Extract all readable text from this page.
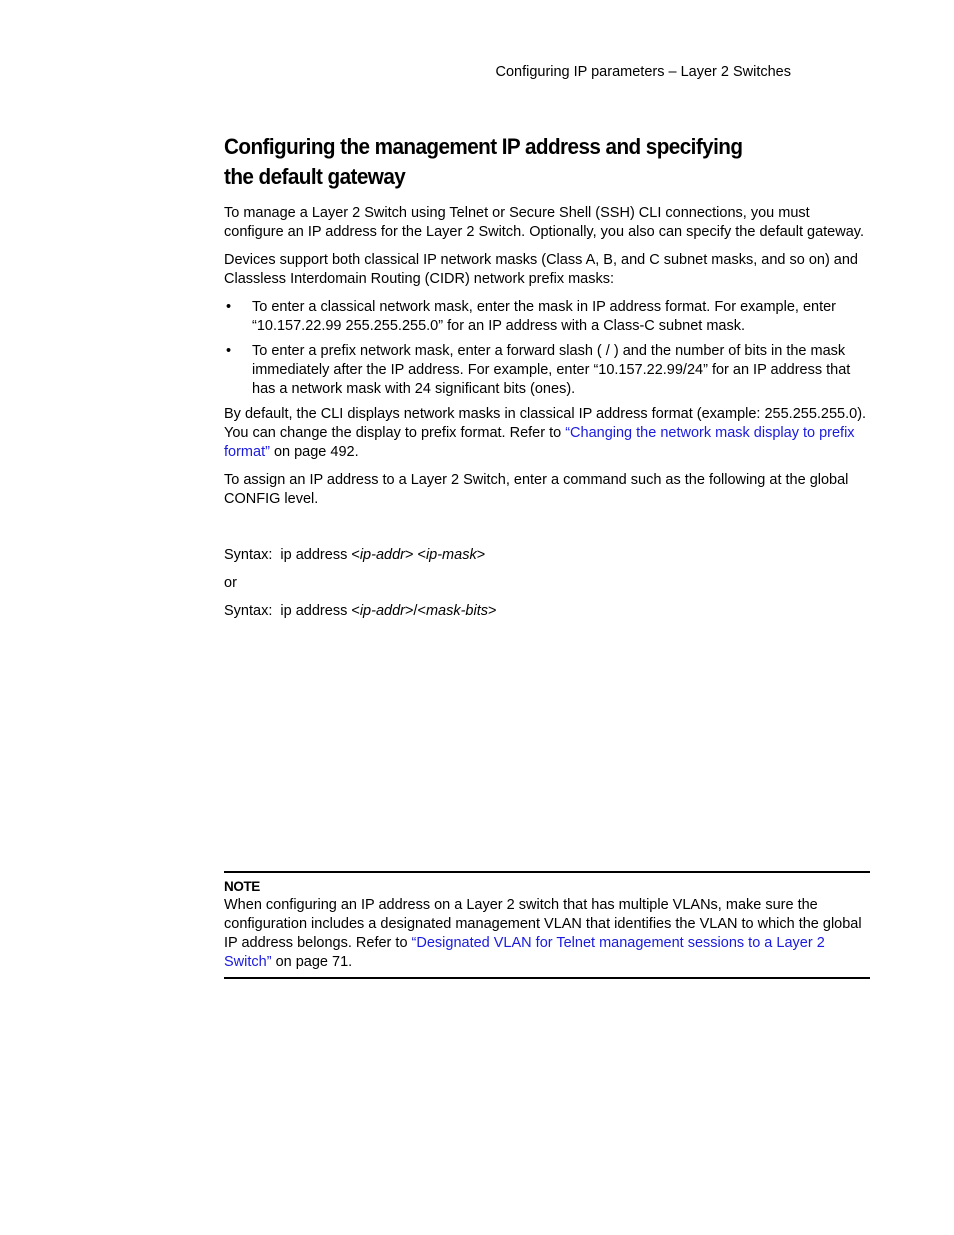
Configuring IP parameters – Layer 2 Switches
Configuring the management IP address and specifying the default gateway

To manage a Layer 2 Switch using Telnet or Secure Shell (SSH) CLI connections, you must configure an IP address for the Layer 2 Switch. Optionally, you also can specify the default gateway.

Devices support both classical IP network masks (Class A, B, and C subnet masks, and so on) and Classless Interdomain Routing (CIDR) network prefix masks:

• To enter a classical network mask, enter the mask in IP address format. For example, enter “10.157.22.99 255.255.255.0” for an IP address with a Class-C subnet mask.
• To enter a prefix network mask, enter a forward slash ( / ) and the number of bits in the mask immediately after the IP address. For example, enter “10.157.22.99/24” for an IP address that has a network mask with 24 significant bits (ones).

By default, the CLI displays network masks in classical IP address format (example: 255.255.255.0). You can change the display to prefix format. Refer to “Changing the network mask display to prefix format” on page 492.

To assign an IP address to a Layer 2 Switch, enter a command such as the following at the global CONFIG level.

Syntax: ip address <ip-addr> <ip-mask>

or

Syntax: ip address <ip-addr>/<mask-bits>

NOTE

When configuring an IP address on a Layer 2 switch that has multiple VLANs, make sure the configuration includes a designated management VLAN that identifies the VLAN to which the global IP address belongs. Refer to “Designated VLAN for Telnet management sessions to a Layer 2 Switch” on page 71.
